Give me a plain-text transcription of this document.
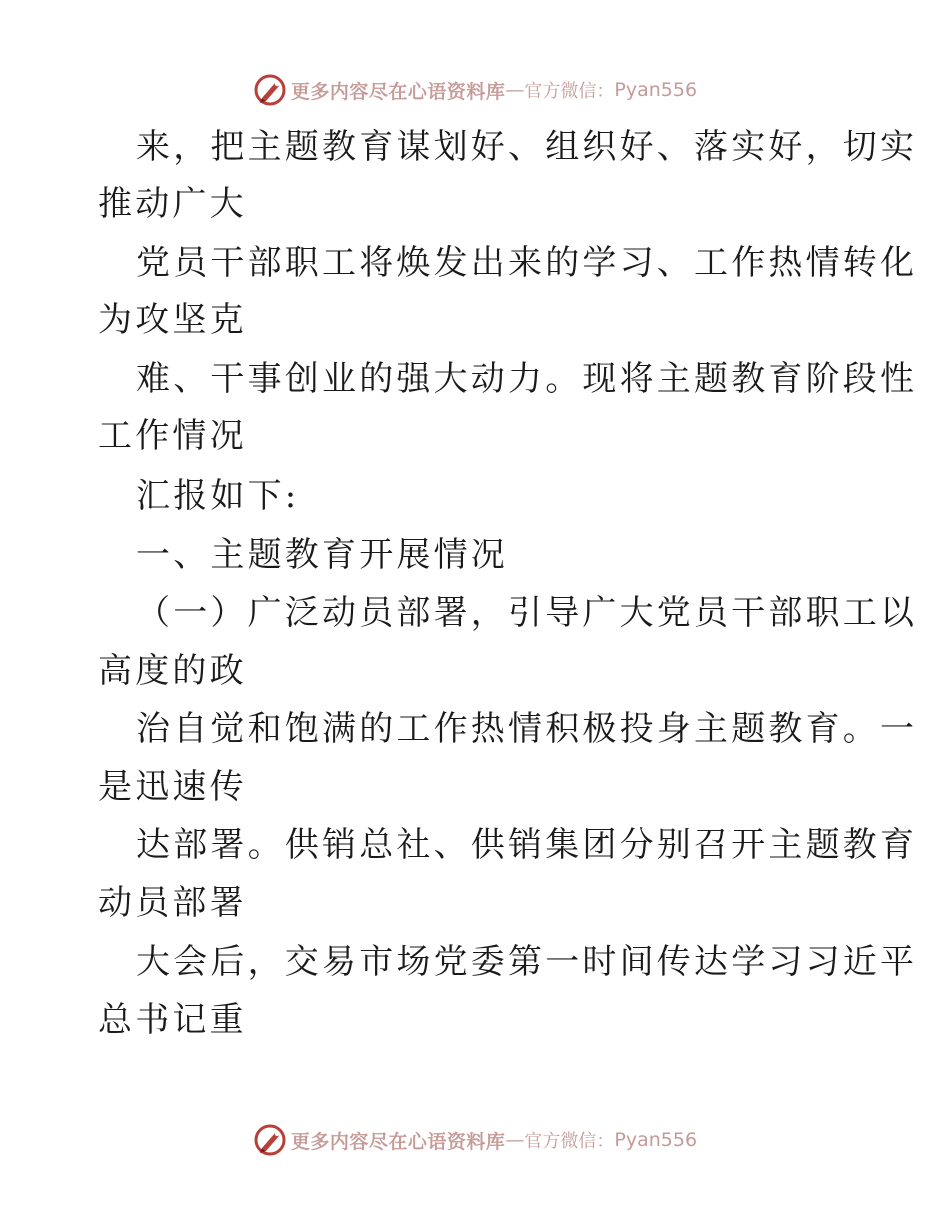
更多内容尽在心语资料库 — 官方微信： Pyan556
来，把主题教育谋划好、组织好、落实好，切实
推动广大
党员干部职工将焕发出来的学习、工作热情转化
为攻坚克
难、干事创业的强大动力。现将主题教育阶段性
工作情况
汇报如下:
一、主题教育开展情况
（一）广泛动员部署，引导广大党员干部职工以
高度的政
治自觉和饱满的工作热情积极投身主题教育。一
是迅速传
达部署。供销总社、供销集团分别召开主题教育
动员部署
大会后，交易市场党委第一时间传达学习习近平
总书记重
更多内容尽在心语资料库 — 官方微信： Pyan556
